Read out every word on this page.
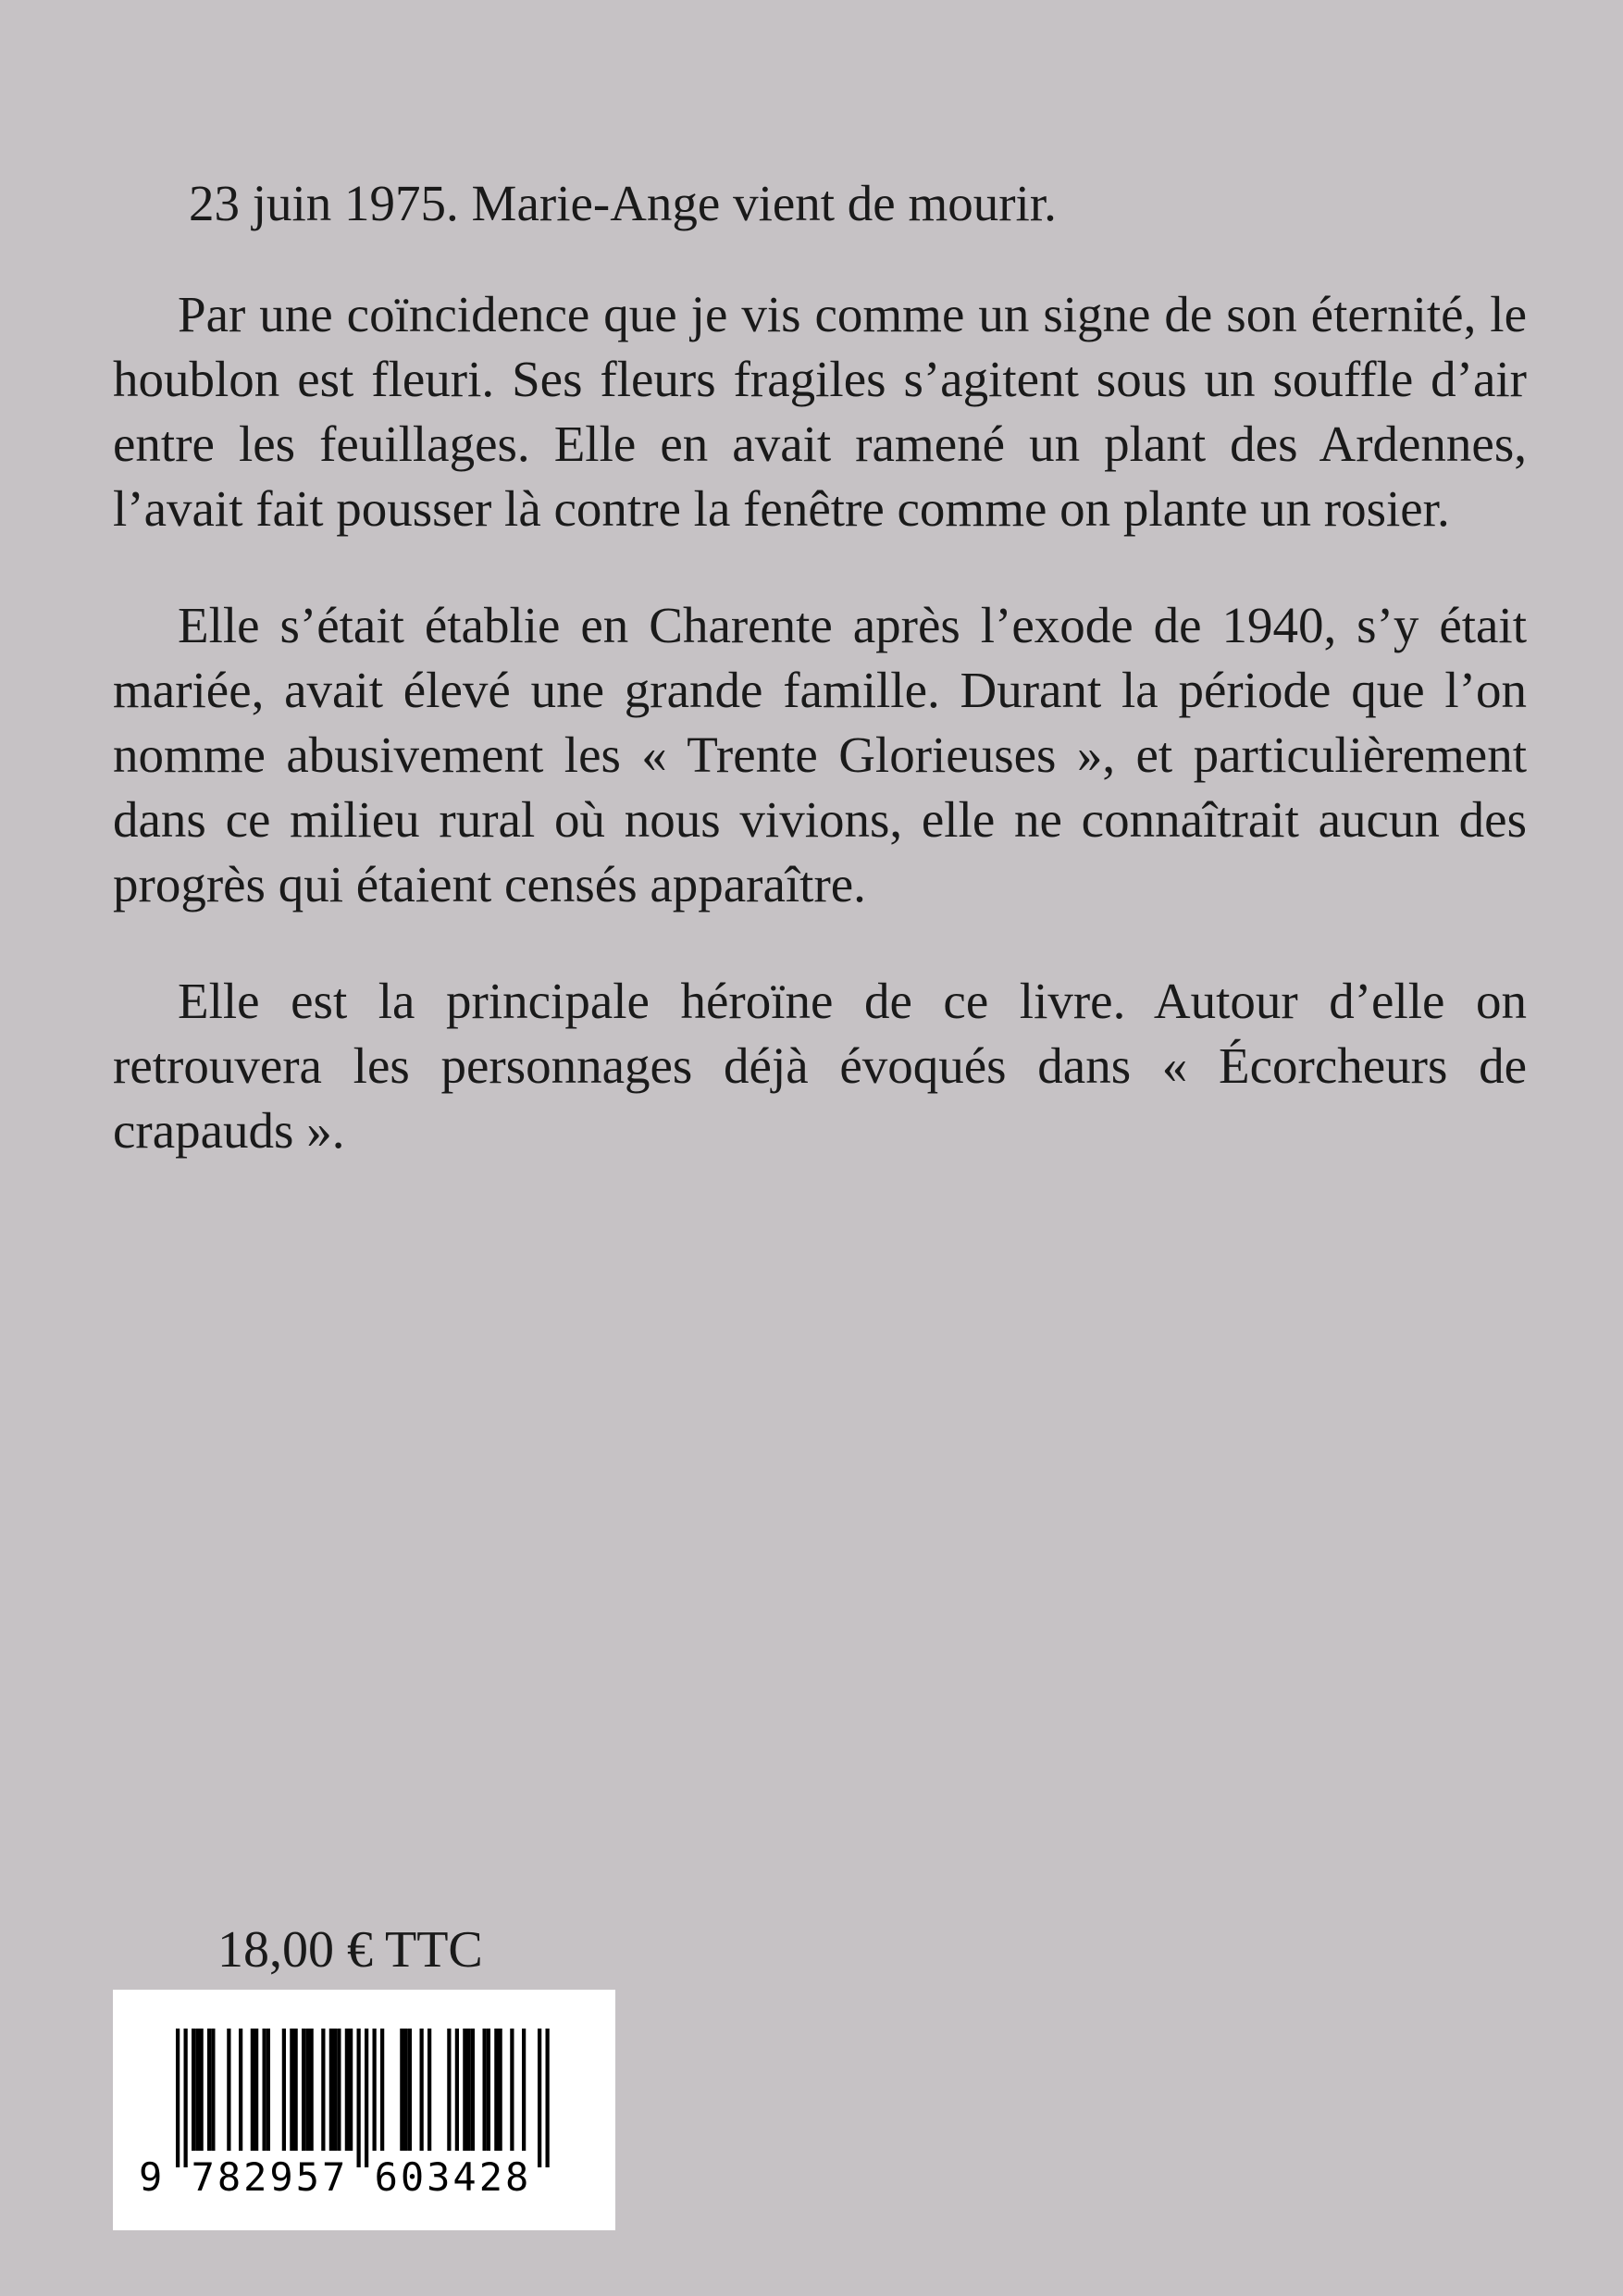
23 juin 1975. Marie-Ange vient de mourir.

Par une coïncidence que je vis comme un signe de son éternité, le houblon est fleuri. Ses fleurs fragiles s’agitent sous un souffle d’air entre les feuillages. Elle en avait ramené un plant des Ardennes, l’avait fait pousser là contre la fenêtre comme on plante un rosier.

Elle s’était établie en Charente après l’exode de 1940, s’y était mariée, avait élevé une grande famille. Durant la période que l’on nomme abusivement les « Trente Glorieuses », et particulièrement dans ce milieu rural où nous vivions, elle ne connaîtrait aucun des progrès qui étaient censés apparaître.

Elle est la principale héroïne de ce livre. Autour d’elle on retrouvera les personnages déjà évoqués dans « Écorcheurs de crapauds ».

18,00 € TTC
9 782957 603428
